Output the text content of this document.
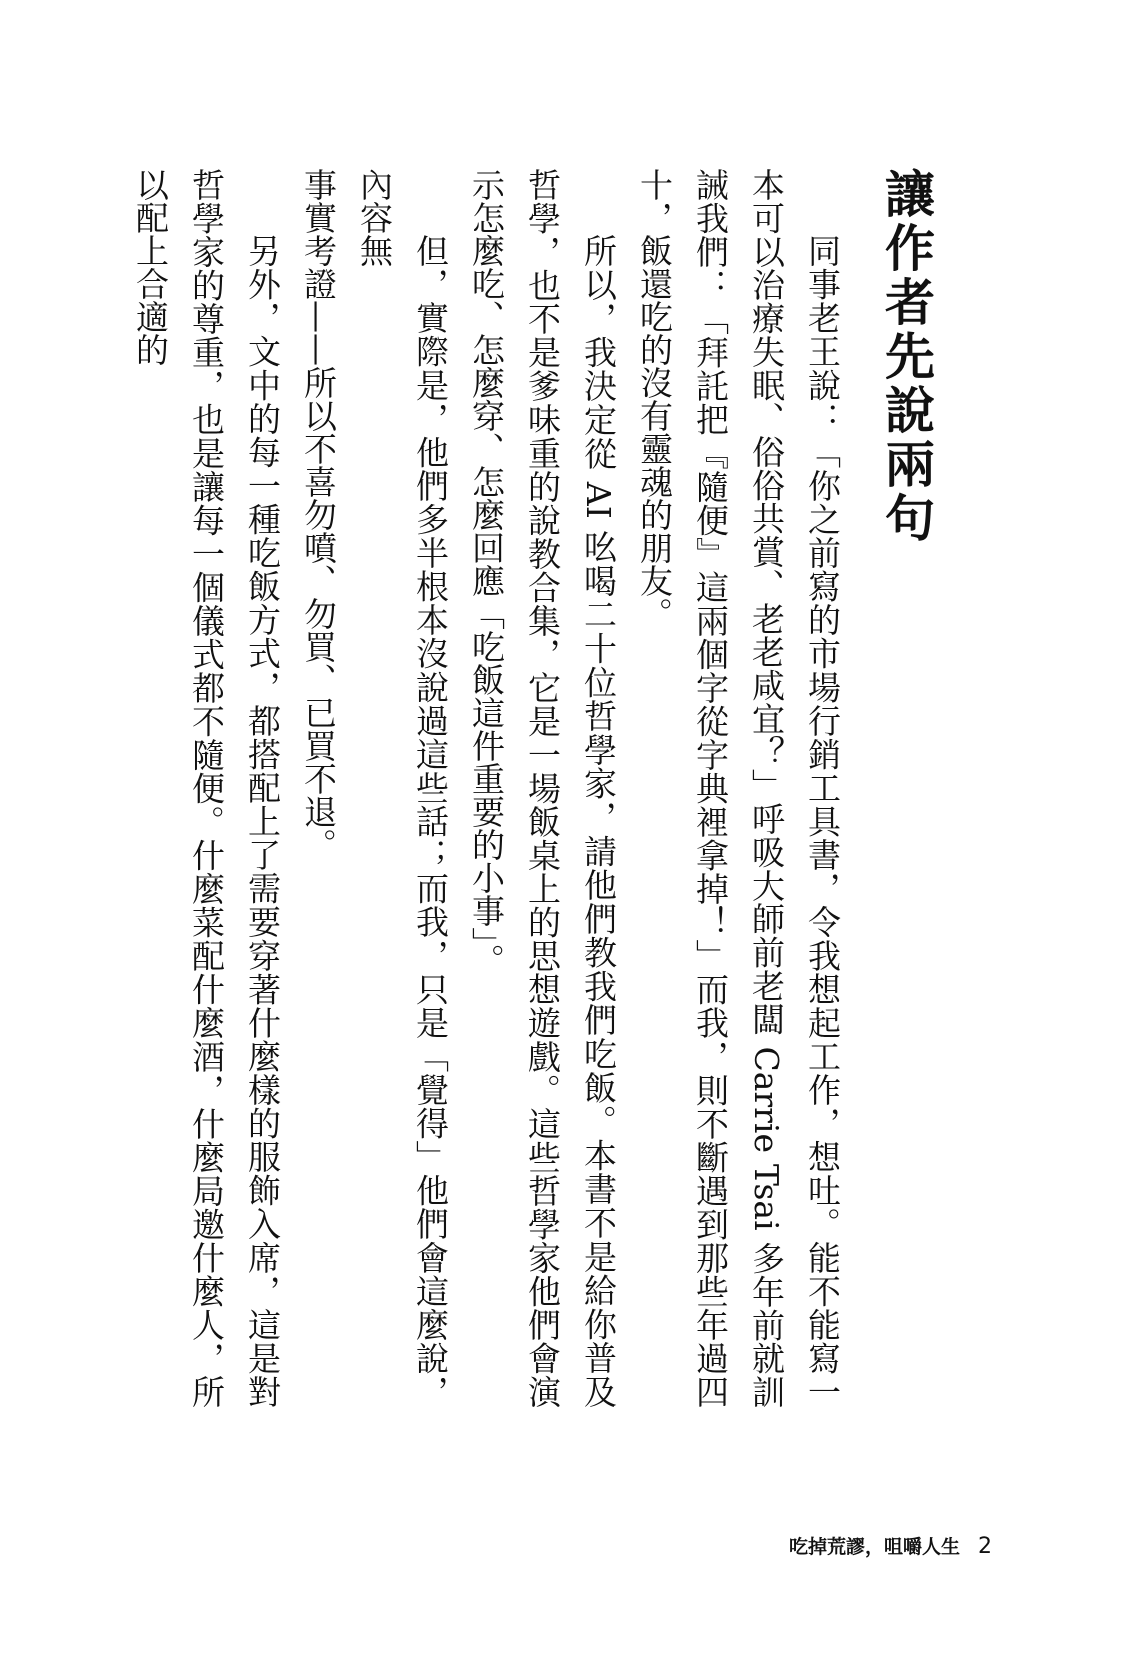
讓作者先說兩句

同事老王說：「你之前寫的市場行銷工具書，令我想起工作，想吐。能不能寫一本可以治療失眠、俗俗共賞、老老咸宜？」呼吸大師前老闆 Carrie Tsai 多年前就訓誡我們：「拜託把『隨便』這兩個字從字典裡拿掉！」而我，則不斷遇到那些年過四十，飯還吃的沒有靈魂的朋友。

所以，我決定從 AI 吆喝二十位哲學家，請他們教我們吃飯。本書不是給你普及哲學，也不是爹味重的說教合集，它是一場飯桌上的思想遊戲。這些哲學家他們會演示怎麼吃、怎麼穿、怎麼回應「吃飯這件重要的小事」。

但，實際是，他們多半根本沒說過這些話；而我，只是「覺得」他們會這麼說，內容無

事實考證——所以不喜勿噴、勿買、已買不退。

另外，文中的每一種吃飯方式，都搭配上了需要穿著什麼樣的服飾入席，這是對哲學家的尊重，也是讓每一個儀式都不隨便。什麼菜配什麼酒，什麼局邀什麼人，所以配上合適的

吃掉荒謬，咀嚼人生 2
